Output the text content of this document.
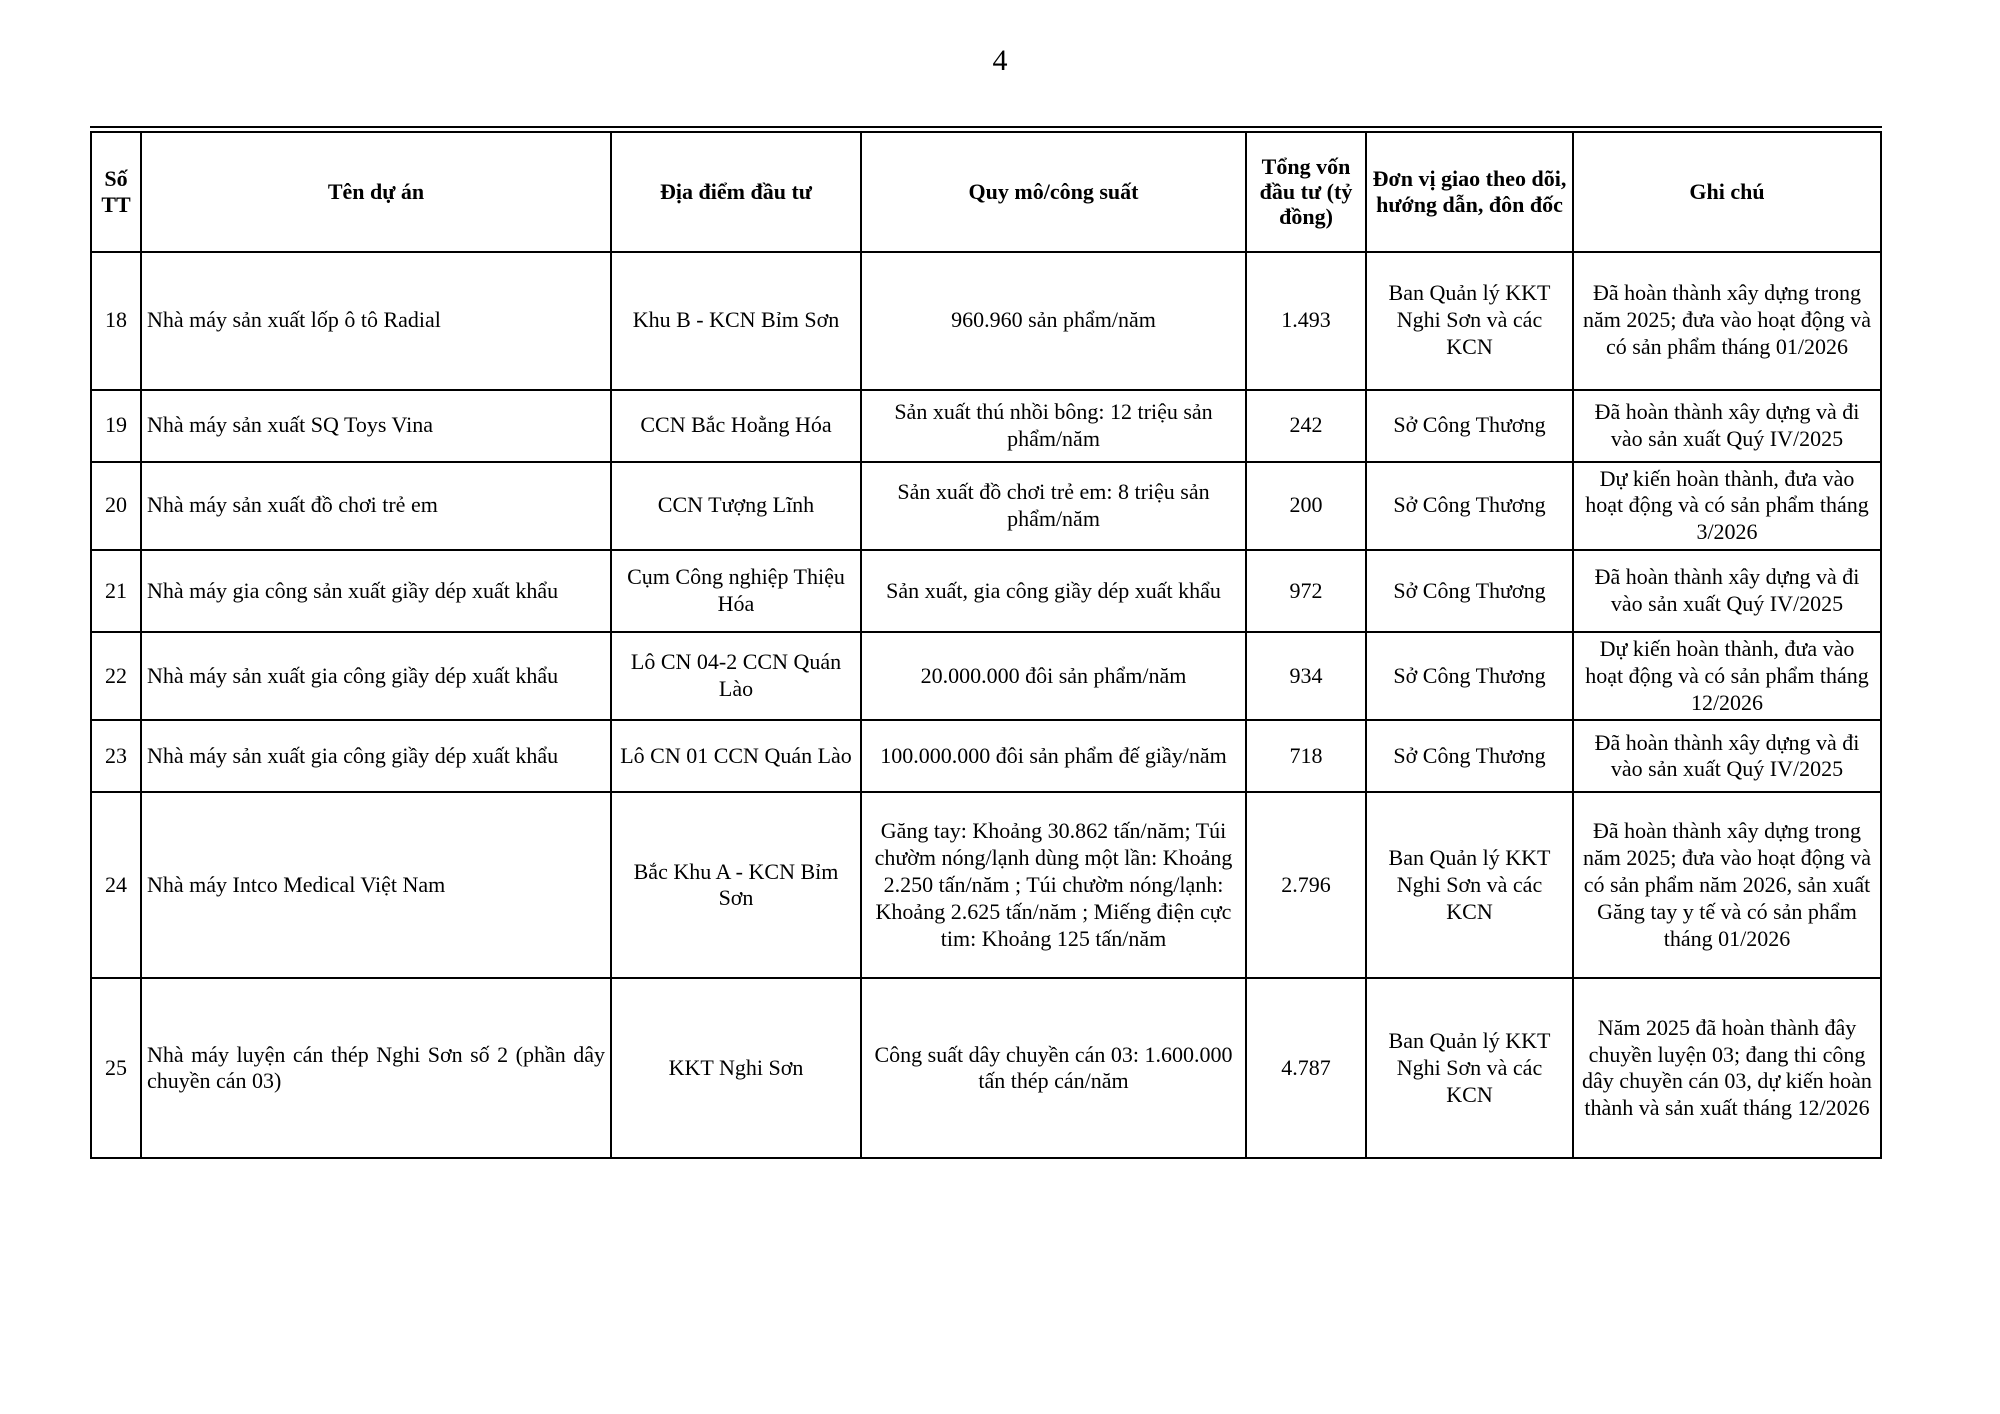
4
Số TT	Tên dự án	Địa điểm đầu tư	Quy mô/công suất	Tổng vốn đầu tư (tỷ đồng)	Đơn vị giao theo dõi, hướng dẫn, đôn đốc	Ghi chú
18	Nhà máy sản xuất lốp ô tô Radial	Khu B - KCN Bỉm Sơn	960.960 sản phẩm/năm	1.493	Ban Quản lý KKT Nghi Sơn và các KCN	Đã hoàn thành xây dựng trong năm 2025; đưa vào hoạt động và có sản phẩm tháng 01/2026
19	Nhà máy sản xuất SQ Toys Vina	CCN Bắc Hoằng Hóa	Sản xuất thú nhồi bông: 12 triệu sản phẩm/năm	242	Sở Công Thương	Đã hoàn thành xây dựng và đi vào sản xuất Quý IV/2025
20	Nhà máy sản xuất đồ chơi trẻ em	CCN Tượng Lĩnh	Sản xuất đồ chơi trẻ em: 8 triệu sản phẩm/năm	200	Sở Công Thương	Dự kiến hoàn thành, đưa vào hoạt động và có sản phẩm tháng 3/2026
21	Nhà máy gia công sản xuất giầy dép xuất khẩu	Cụm Công nghiệp Thiệu Hóa	Sản xuất, gia công giầy dép xuất khẩu	972	Sở Công Thương	Đã hoàn thành xây dựng và đi vào sản xuất Quý IV/2025
22	Nhà máy sản xuất gia công giầy dép xuất khẩu	Lô CN 04-2 CCN Quán Lào	20.000.000 đôi sản phẩm/năm	934	Sở Công Thương	Dự kiến hoàn thành, đưa vào hoạt động và có sản phẩm tháng 12/2026
23	Nhà máy sản xuất gia công giầy dép xuất khẩu	Lô CN 01 CCN Quán Lào	100.000.000 đôi sản phẩm đế giầy/năm	718	Sở Công Thương	Đã hoàn thành xây dựng và đi vào sản xuất Quý IV/2025
24	Nhà máy Intco Medical Việt Nam	Bắc Khu A - KCN Bỉm Sơn	Găng tay: Khoảng 30.862 tấn/năm; Túi chườm nóng/lạnh dùng một lần: Khoảng 2.250 tấn/năm ; Túi chườm nóng/lạnh: Khoảng 2.625 tấn/năm ; Miếng điện cực tim: Khoảng 125 tấn/năm	2.796	Ban Quản lý KKT Nghi Sơn và các KCN	Đã hoàn thành xây dựng trong năm 2025; đưa vào hoạt động và có sản phẩm năm 2026, sản xuất Găng tay y tế và có sản phẩm tháng 01/2026
25	Nhà máy luyện cán thép Nghi Sơn số 2 (phần dây chuyền cán 03)	KKT Nghi Sơn	Công suất dây chuyền cán 03: 1.600.000 tấn thép cán/năm	4.787	Ban Quản lý KKT Nghi Sơn và các KCN	Năm 2025 đã hoàn thành đây chuyền luyện 03; đang thi công dây chuyền cán 03, dự kiến hoàn thành và sản xuất tháng 12/2026
